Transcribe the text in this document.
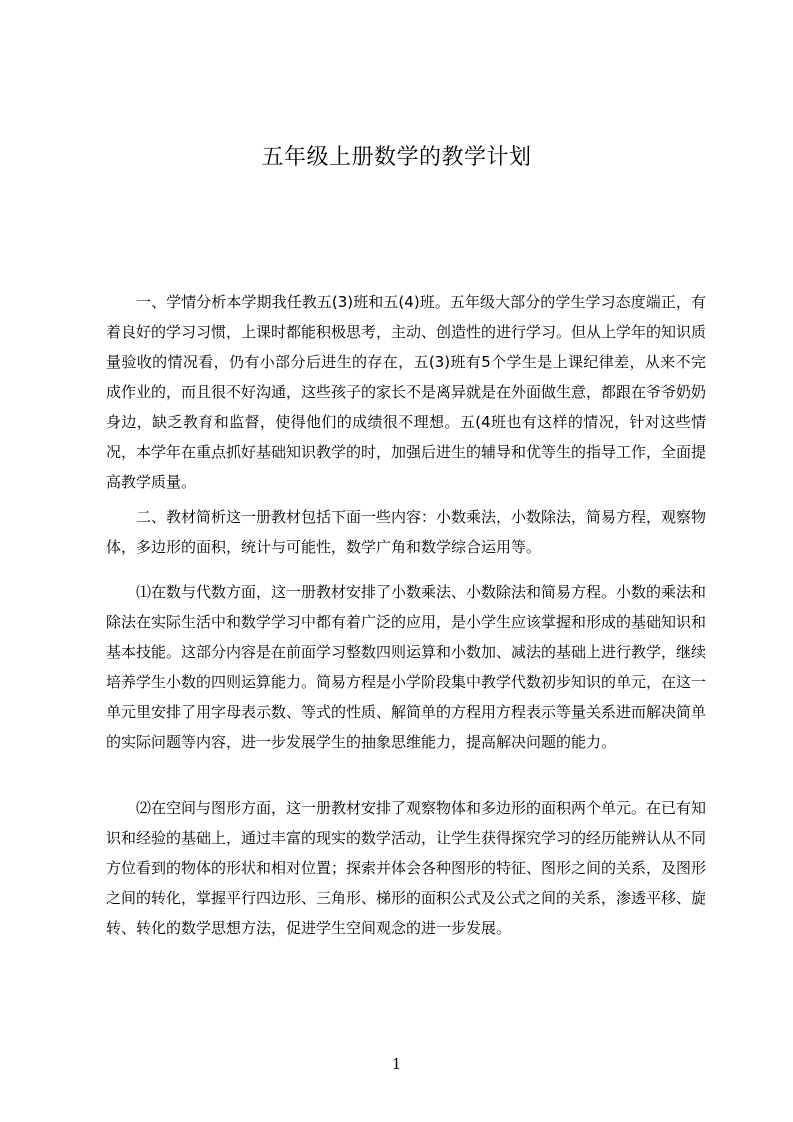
五年级上册数学的教学计划

一、学情分析本学期我任教五(3)班和五(4)班。五年级大部分的学生学习态度端正，有着良好的学习习惯，上课时都能积极思考，主动、创造性的进行学习。但从上学年的知识质量验收的情况看，仍有小部分后进生的存在，五(3)班有5个学生是上课纪律差，从来不完成作业的，而且很不好沟通，这些孩子的家长不是离异就是在外面做生意，都跟在爷爷奶奶身边，缺乏教育和监督，使得他们的成绩很不理想。五(4班也有这样的情况，针对这些情况，本学年在重点抓好基础知识教学的时，加强后进生的辅导和优等生的指导工作，全面提高教学质量。

二、教材简析这一册教材包括下面一些内容：小数乘法，小数除法，简易方程，观察物体，多边形的面积，统计与可能性，数学广角和数学综合运用等。

⑴在数与代数方面，这一册教材安排了小数乘法、小数除法和简易方程。小数的乘法和除法在实际生活中和数学学习中都有着广泛的应用，是小学生应该掌握和形成的基础知识和基本技能。这部分内容是在前面学习整数四则运算和小数加、减法的基础上进行教学，继续培养学生小数的四则运算能力。简易方程是小学阶段集中教学代数初步知识的单元，在这一单元里安排了用字母表示数、等式的性质、解简单的方程用方程表示等量关系进而解决简单的实际问题等内容，进一步发展学生的抽象思维能力，提高解决问题的能力。

⑵在空间与图形方面，这一册教材安排了观察物体和多边形的面积两个单元。在已有知识和经验的基础上，通过丰富的现实的数学活动，让学生获得探究学习的经历能辨认从不同方位看到的物体的形状和相对位置；探索并体会各种图形的特征、图形之间的关系，及图形之间的转化，掌握平行四边形、三角形、梯形的面积公式及公式之间的关系，渗透平移、旋转、转化的数学思想方法，促进学生空间观念的进一步发展。

1
